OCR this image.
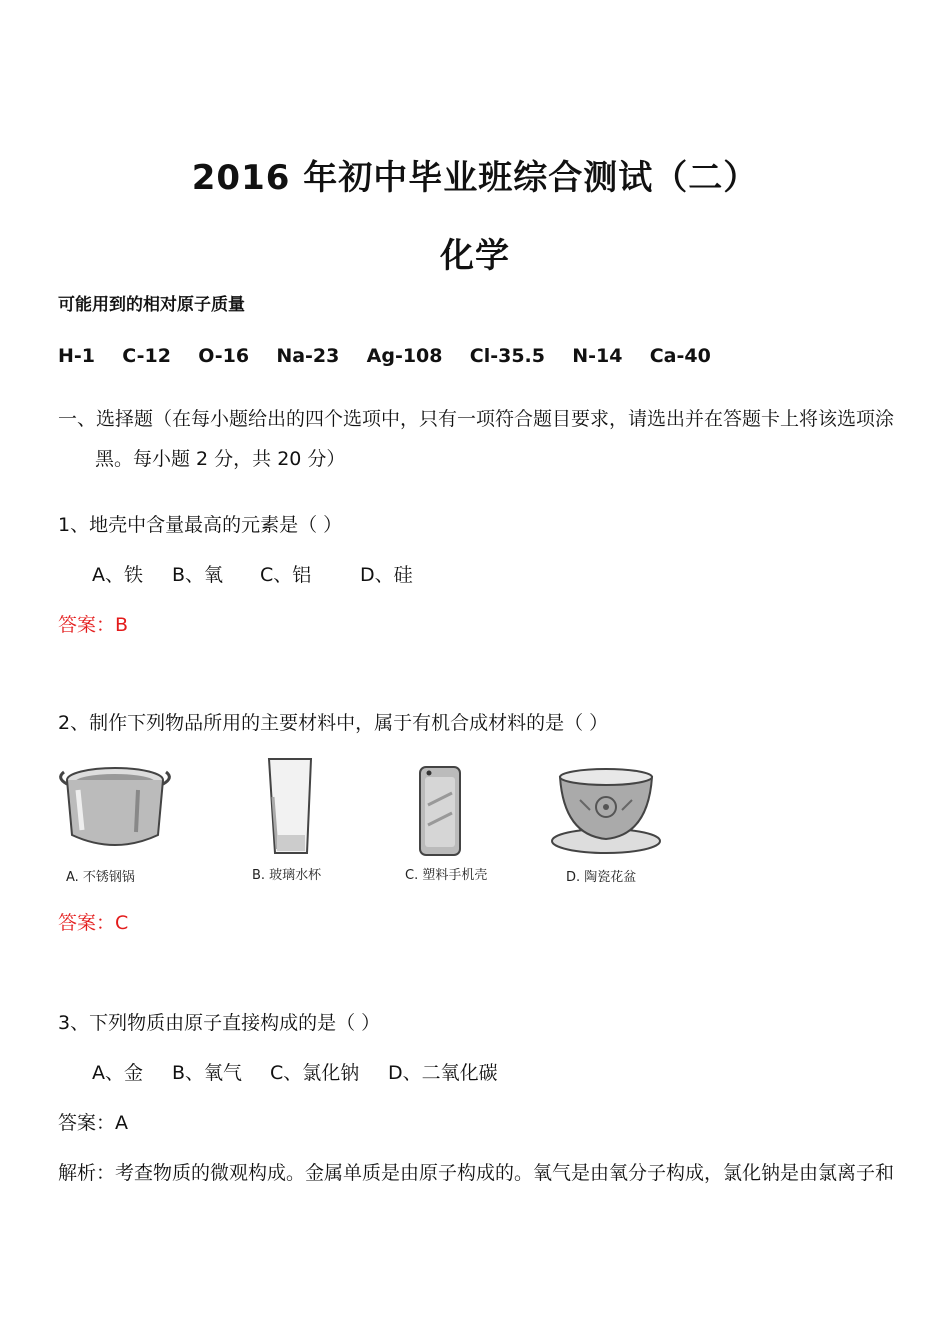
2016 年初中毕业班综合测试（二）
化学
可能用到的相对原子质量
H-1 C-12 O-16 Na-23 Ag-108 Cl-35.5 N-14 Ca-40
一、选择题（在每小题给出的四个选项中，只有一项符合题目要求，请选出并在答题卡上将该选项涂
黑。每小题 2 分，共 20 分）
1、地壳中含量最高的元素是（ ）
A、铁 B、氧 C、铝	D、硅
答案：B
2、制作下列物品所用的主要材料中，属于有机合成材料的是（ ）
A. 不锈钢锅	B. 玻璃水杯	C. 塑料手机壳	D. 陶瓷花盆
答案：C
3、下列物质由原子直接构成的是（ ）
A、金 B、氧气 C、氯化钠 D、二氧化碳
答案：A
解析：考查物质的微观构成。金属单质是由原子构成的。氧气是由氧分子构成，氯化钠是由氯离子和
